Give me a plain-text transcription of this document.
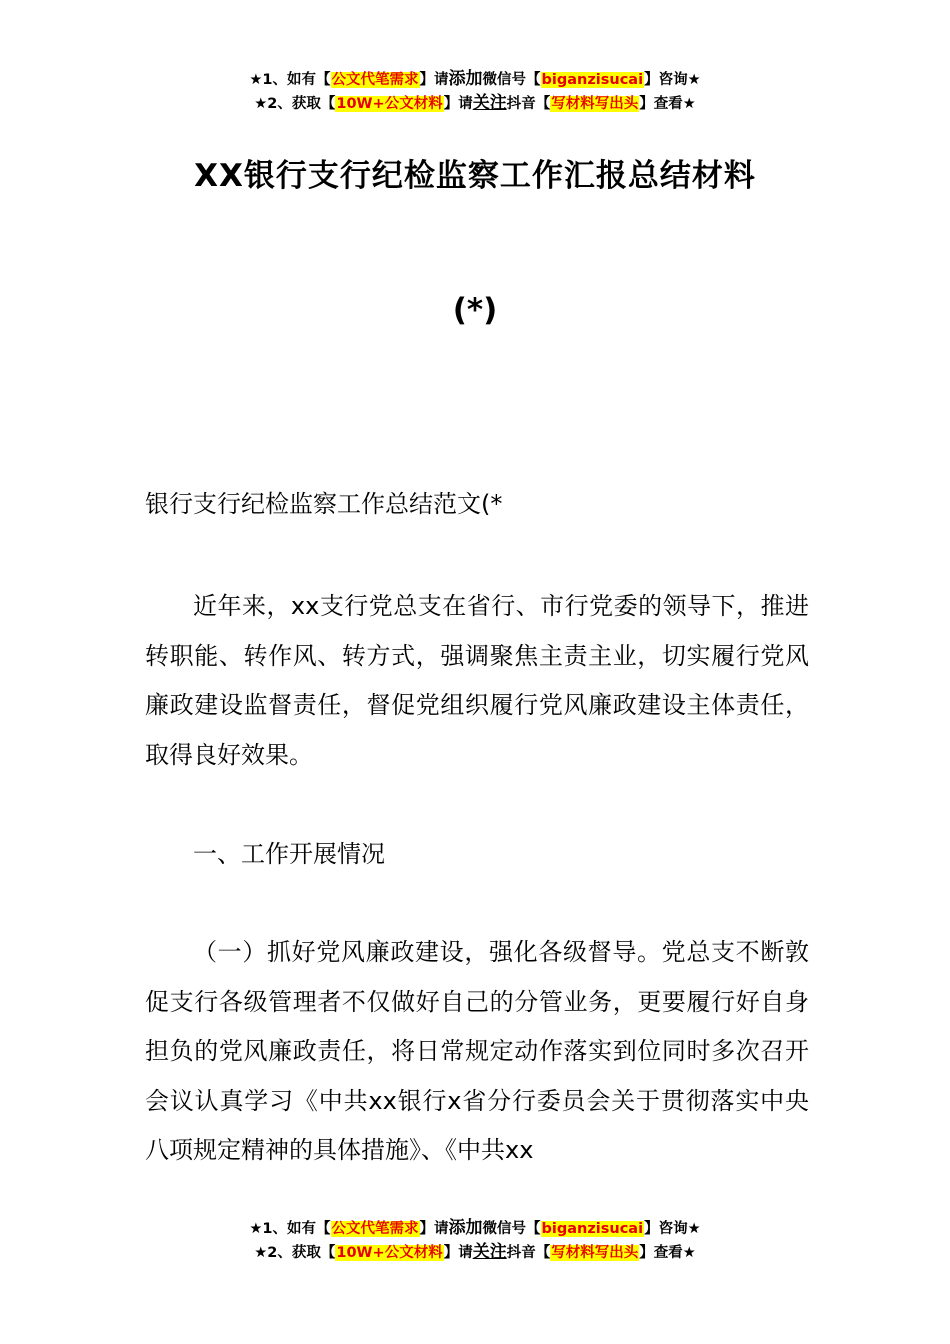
★1、如有【公文代笔需求】请添加微信号【biganzisucai】咨询★
★2、获取【10W+公文材料】请关注抖音【写材料写出头】查看★
XX银行支行纪检监察工作汇报总结材料
(*)
银行支行纪检监察工作总结范文(*
近年来，xx支行党总支在省行、市行党委的领导下，推进转职能、转作风、转方式，强调聚焦主责主业，切实履行党风廉政建设监督责任，督促党组织履行党风廉政建设主体责任，取得良好效果。
一、工作开展情况
（一）抓好党风廉政建设，强化各级督导。党总支不断敦促支行各级管理者不仅做好自己的分管业务，更要履行好自身担负的党风廉政责任，将日常规定动作落实到位同时多次召开会议认真学习《中共xx银行x省分行委员会关于贯彻落实中央八项规定精神的具体措施》、《中共xx
★1、如有【公文代笔需求】请添加微信号【biganzisucai】咨询★
★2、获取【10W+公文材料】请关注抖音【写材料写出头】查看★
